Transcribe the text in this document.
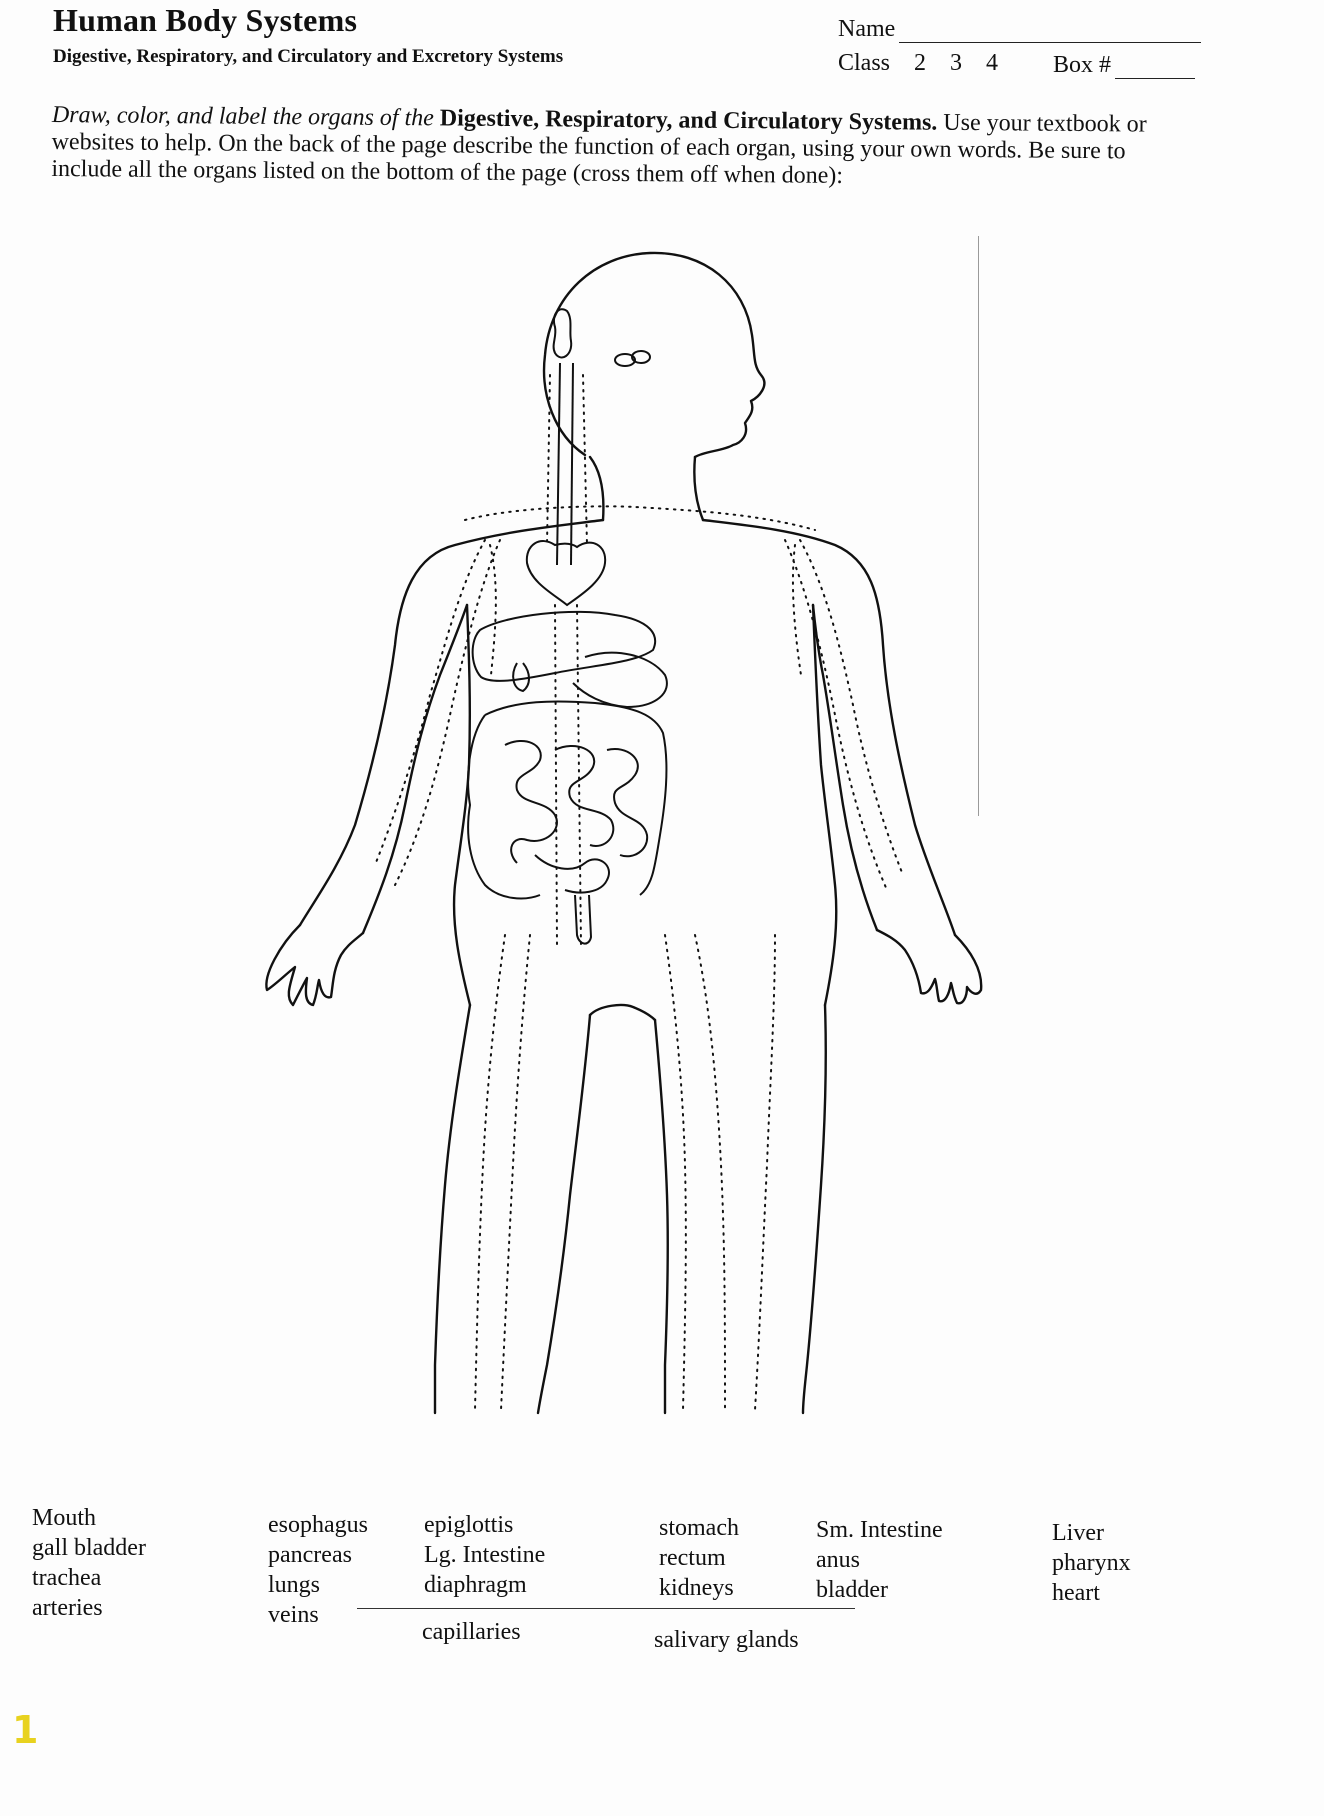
Human Body Systems
Digestive, Respiratory, and Circulatory and Excretory Systems
Name
Class 2 3 4 Box #
Draw, color, and label the organs of the Digestive, Respiratory, and Circulatory Systems. Use your textbook or websites to help. On the back of the page describe the function of each organ, using your own words. Be sure to include all the organs listed on the bottom of the page (cross them off when done):
Mouth
gall bladder
trachea
arteries
esophagus
pancreas
lungs
veins
epiglottis
Lg. Intestine
diaphragm
stomach
rectum
kidneys
Sm. Intestine
anus
bladder
Liver
pharynx
heart
capillaries	salivary glands
1
